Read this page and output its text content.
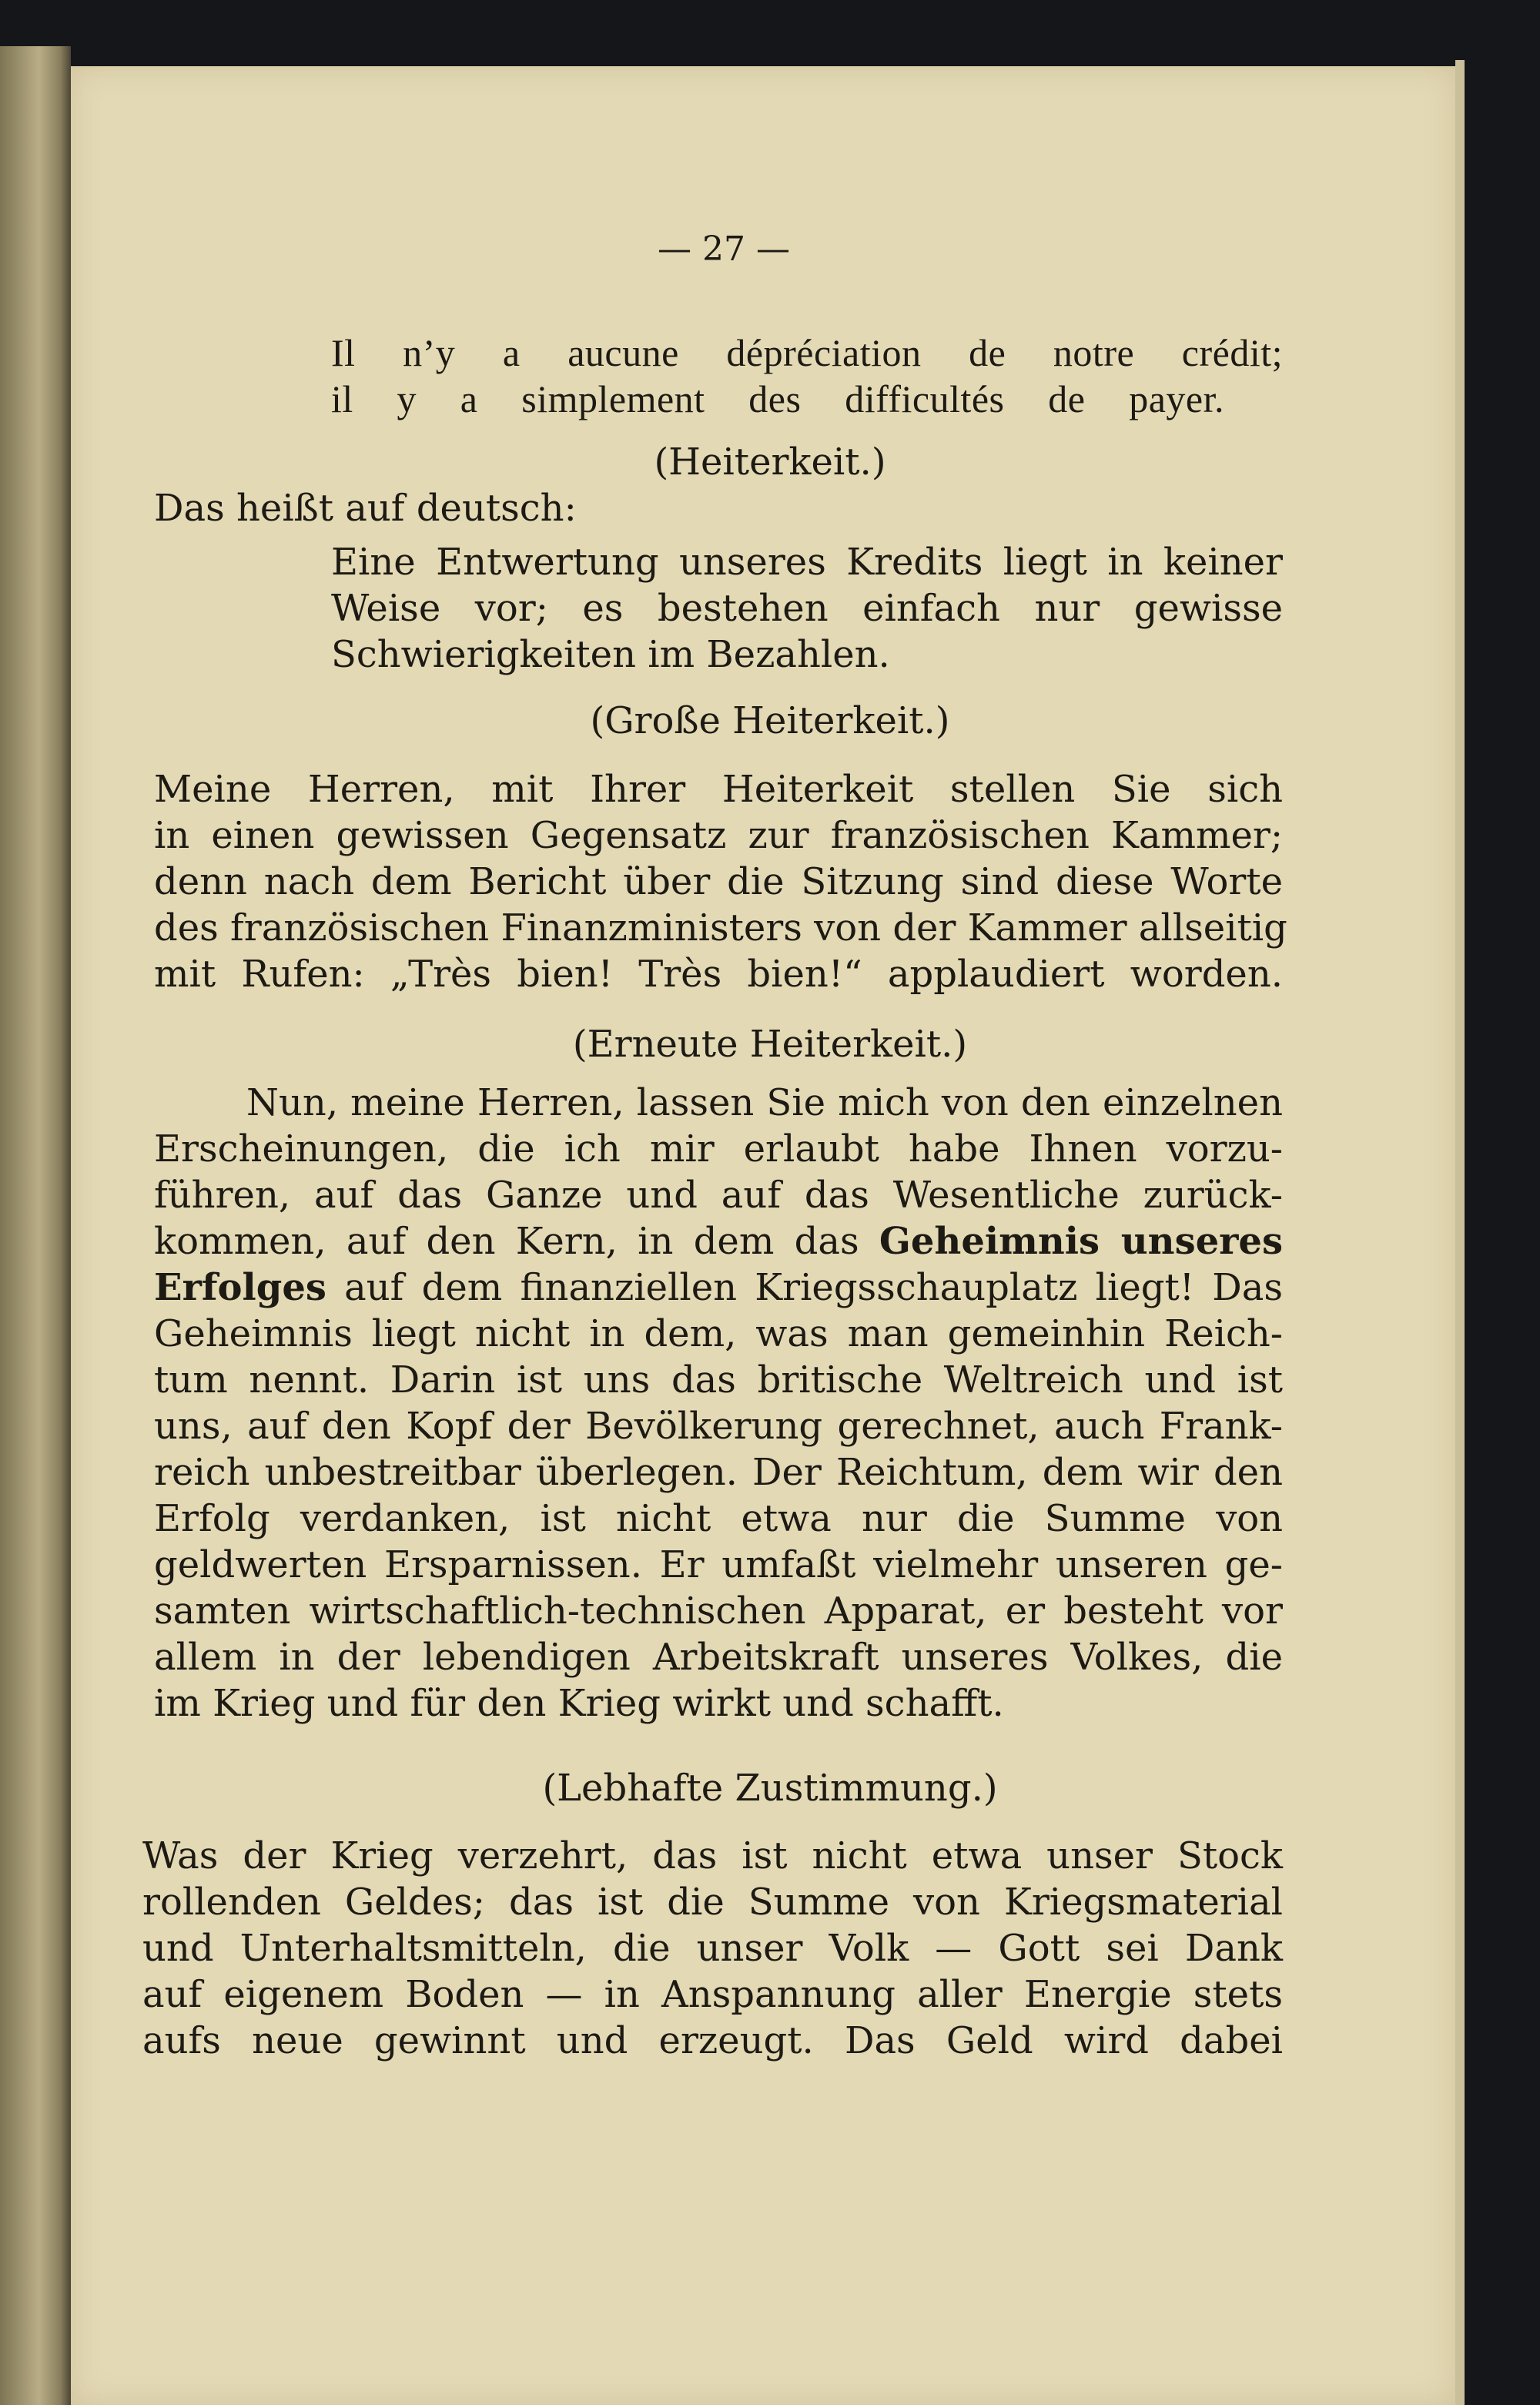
— 27 —
Il n’y a aucune dépréciation de notre crédit;
il y a simplement des difficultés de payer.
(Heiterkeit.)
Das heißt auf deutsch:
Eine Entwertung unseres Kredits liegt in keiner
Weise vor; es bestehen einfach nur gewisse
Schwierigkeiten im Bezahlen.
(Große Heiterkeit.)
Meine Herren, mit Ihrer Heiterkeit stellen Sie sich
in einen gewissen Gegensatz zur französischen Kammer;
denn nach dem Bericht über die Sitzung sind diese Worte
des französischen Finanzministers von der Kammer allseitig
mit Rufen: „Très bien! Très bien!“ applaudiert worden.
(Erneute Heiterkeit.)
Nun, meine Herren, lassen Sie mich von den einzelnen
Erscheinungen, die ich mir erlaubt habe Ihnen vorzu-
führen, auf das Ganze und auf das Wesentliche zurück-
kommen, auf den Kern, in dem das Geheimnis unseres
Erfolges auf dem finanziellen Kriegsschauplatz liegt! Das
Geheimnis liegt nicht in dem, was man gemeinhin Reich-
tum nennt. Darin ist uns das britische Weltreich und ist
uns, auf den Kopf der Bevölkerung gerechnet, auch Frank-
reich unbestreitbar überlegen. Der Reichtum, dem wir den
Erfolg verdanken, ist nicht etwa nur die Summe von
geldwerten Ersparnissen. Er umfaßt vielmehr unseren ge-
samten wirtschaftlich-technischen Apparat, er besteht vor
allem in der lebendigen Arbeitskraft unseres Volkes, die
im Krieg und für den Krieg wirkt und schafft.
(Lebhafte Zustimmung.)
Was der Krieg verzehrt, das ist nicht etwa unser Stock
rollenden Geldes; das ist die Summe von Kriegsmaterial
und Unterhaltsmitteln, die unser Volk — Gott sei Dank
auf eigenem Boden — in Anspannung aller Energie stets
aufs neue gewinnt und erzeugt. Das Geld wird dabei
